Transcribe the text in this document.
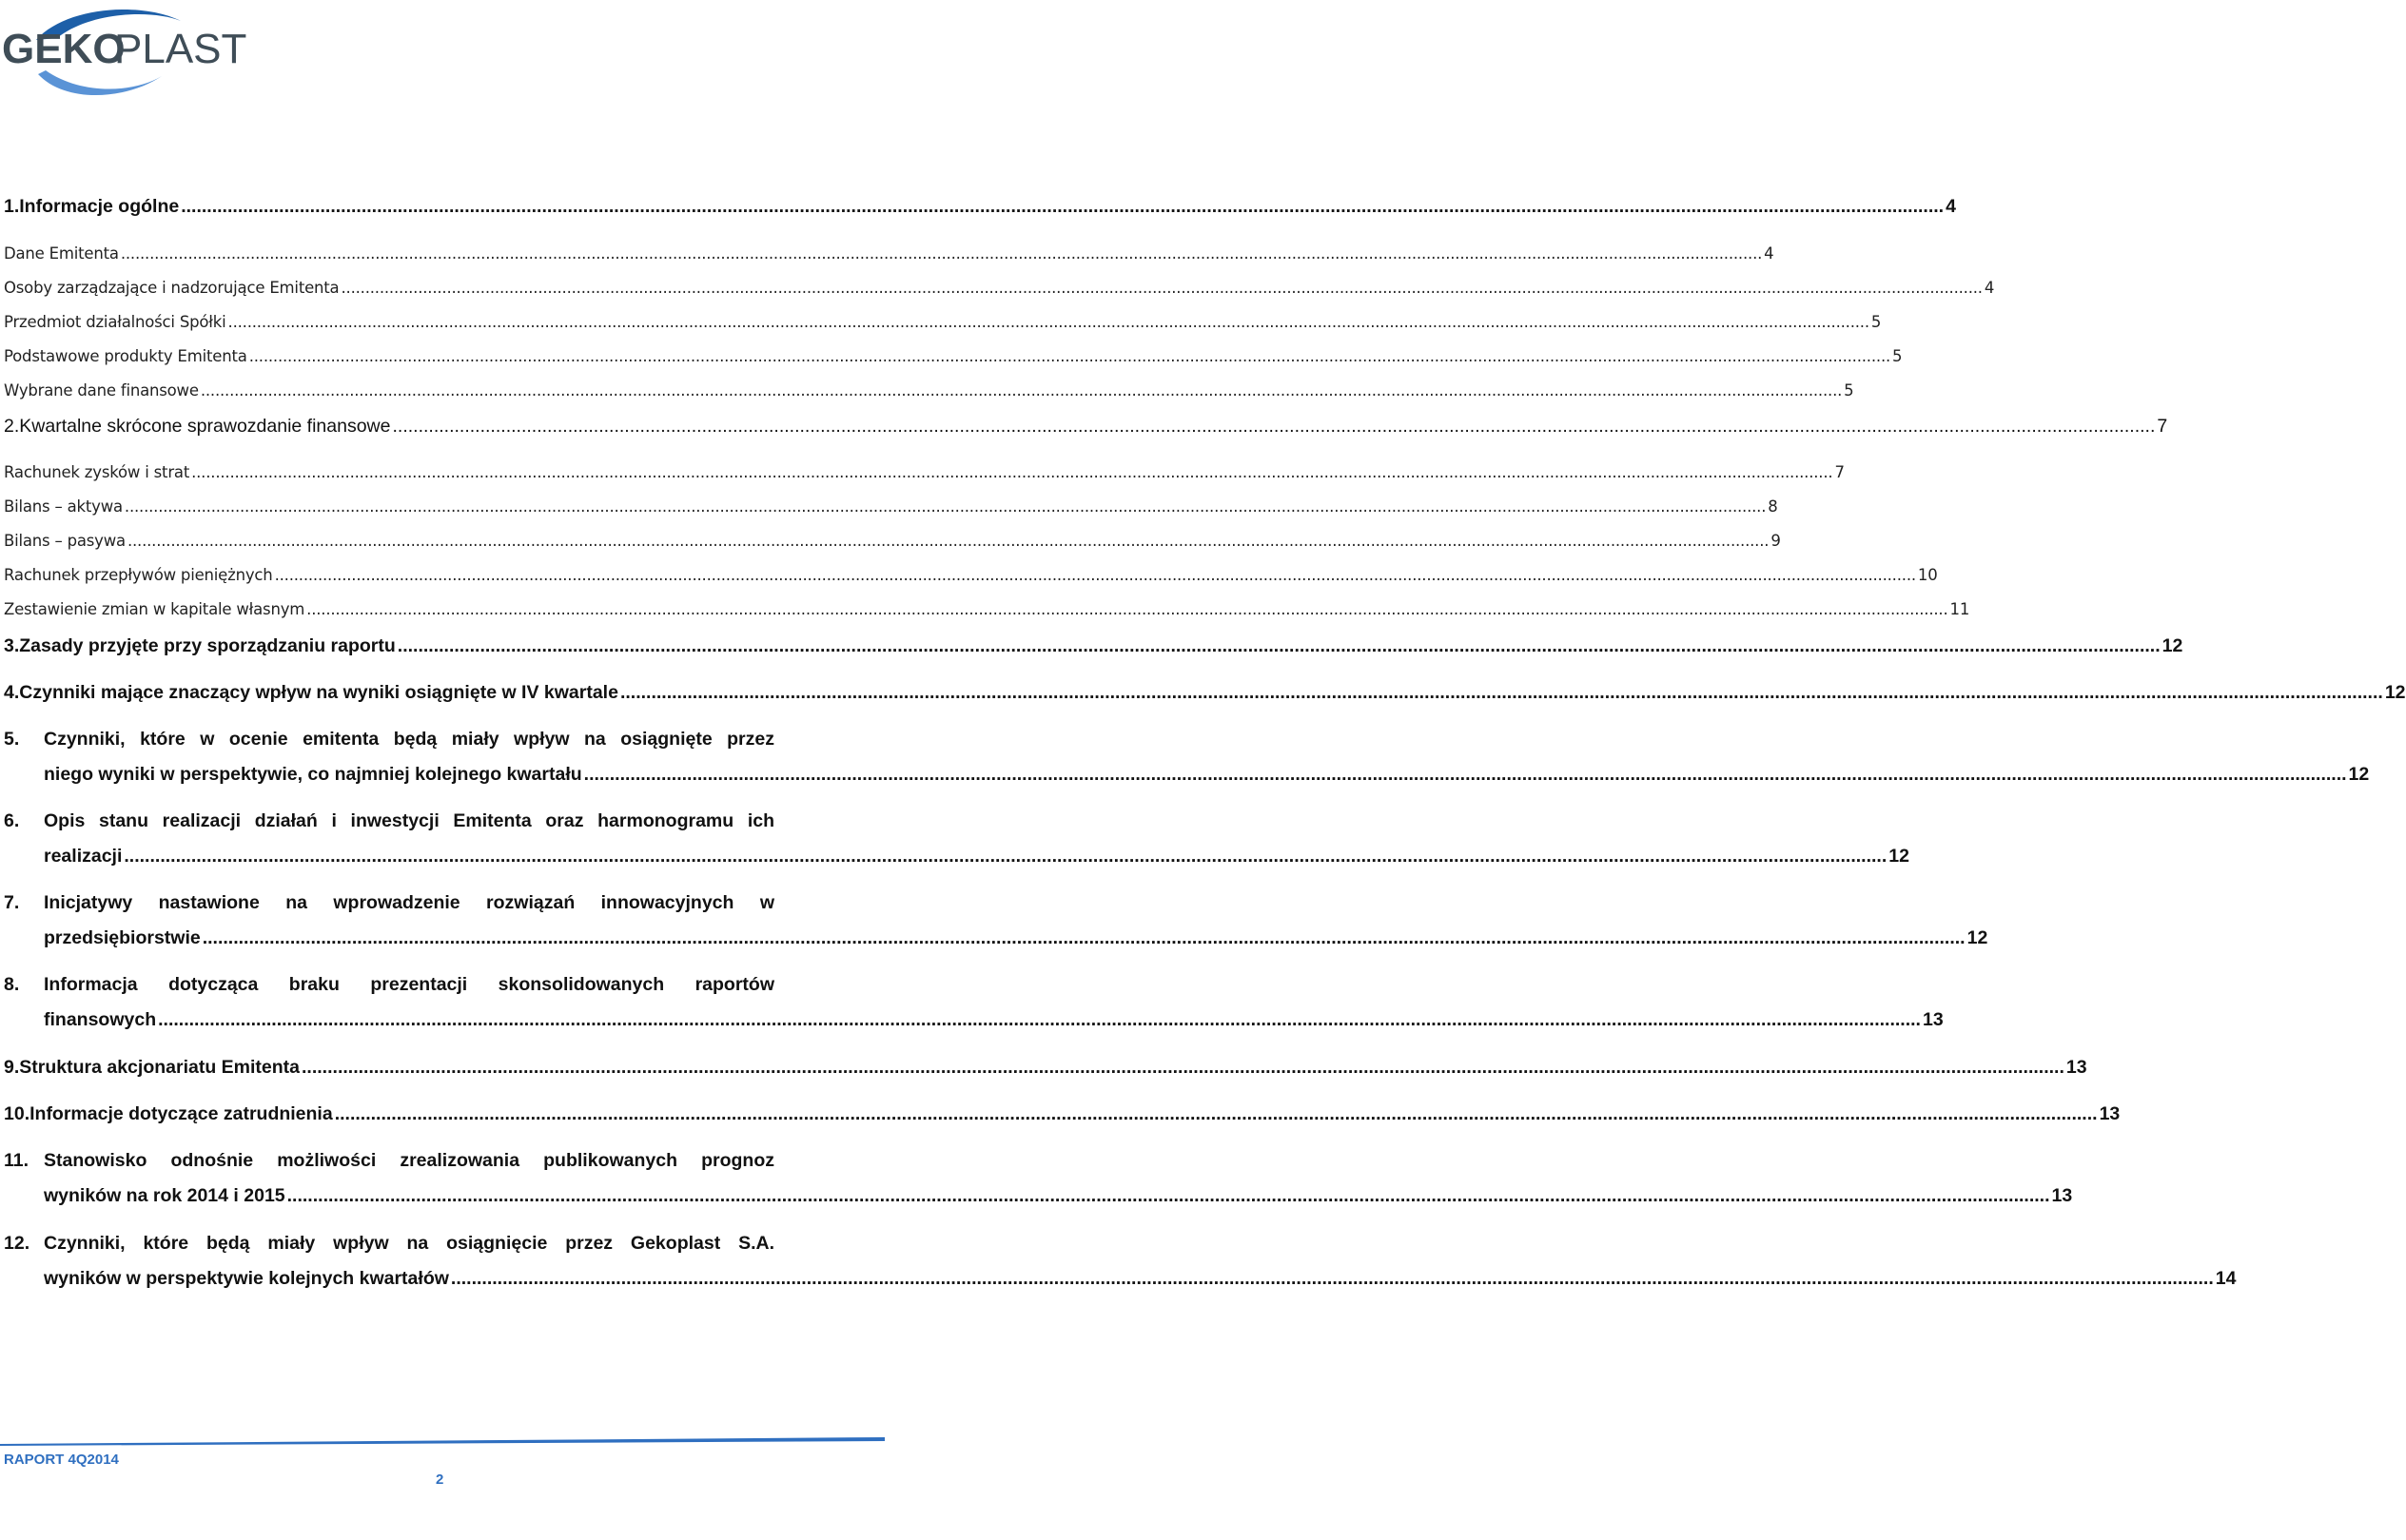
GEKO
PLAST
1. Informacje ogólne .....	4
Dane Emitenta .....	4
Osoby zarządzające i nadzorujące Emitenta .....	4
Przedmiot działalności Spółki .....	5
Podstawowe produkty Emitenta .....	5
Wybrane dane finansowe .....	5
2. Kwartalne skrócone sprawozdanie finansowe .....	7
Rachunek zysków i strat .....	7
Bilans – aktywa .....	8
Bilans – pasywa .....	9
Rachunek przepływów pieniężnych .....	10
Zestawienie zmian w kapitale własnym .....	11
3. Zasady przyjęte przy sporządzaniu raportu .....	12
4. Czynniki mające znaczący wpływ na wyniki osiągnięte w IV kwartale .....	12
5.	Czynniki, które w ocenie emitenta będą miały wpływ na osiągnięte przez
niego wyniki w perspektywie, co najmniej kolejnego kwartału .....	12
6.	Opis stanu realizacji działań i inwestycji Emitenta oraz harmonogramu ich
realizacji .....	12
7.	Inicjatywy nastawione na wprowadzenie rozwiązań innowacyjnych w
przedsiębiorstwie .....	12
8.	Informacja dotycząca braku prezentacji skonsolidowanych raportów
finansowych .....	13
9. Struktura akcjonariatu Emitenta .....	13
10. Informacje dotyczące zatrudnienia .....	13
11. Stanowisko odnośnie możliwości zrealizowania publikowanych prognoz
wyników na rok 2014 i 2015 .....	13
12. Czynniki, które będą miały wpływ na osiągnięcie przez Gekoplast S.A.
wyników w perspektywie kolejnych kwartałów .....	14
RAPORT 4Q2014
2
